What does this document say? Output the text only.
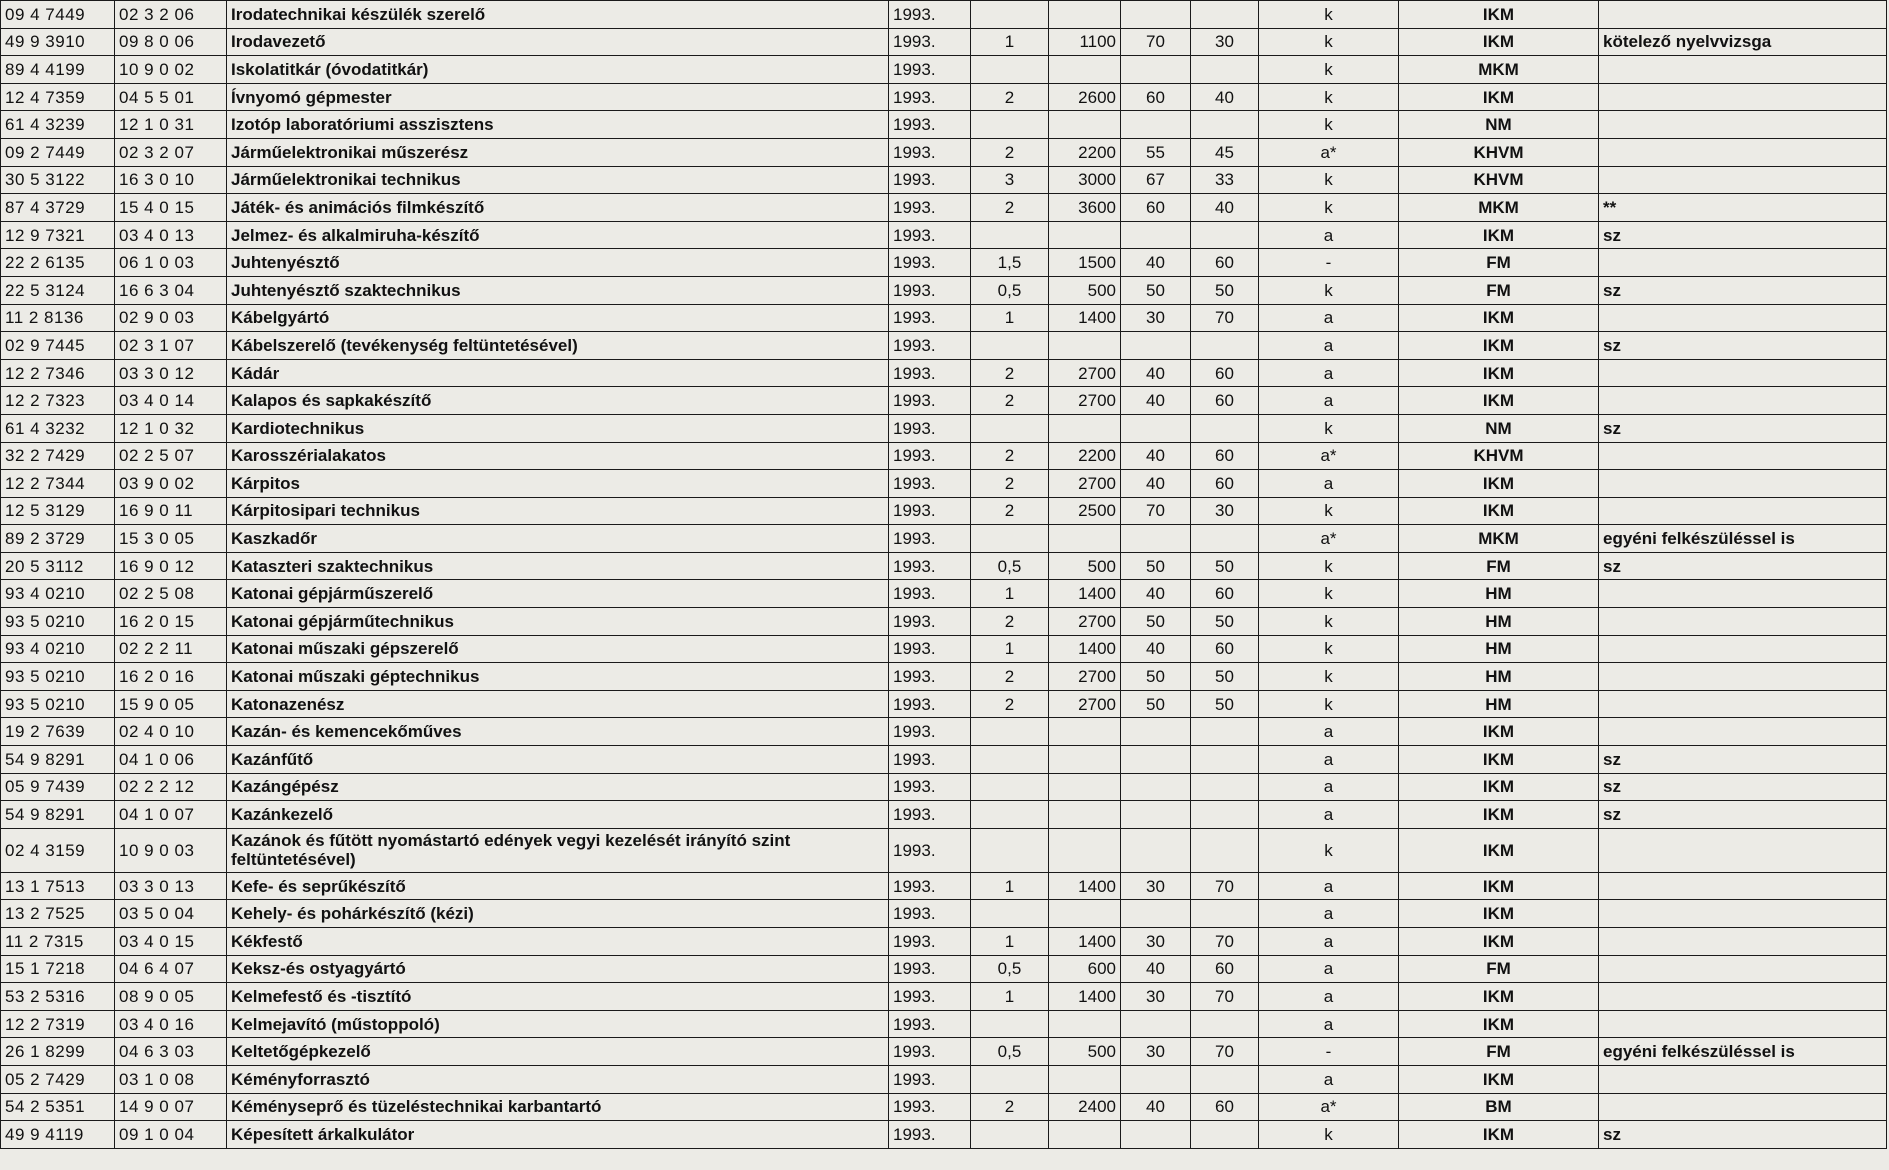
09 4 7449	02 3 2 06	Irodatechnikai készülék szerelő	1993.					k	IKM	
49 9 3910	09 8 0 06	Irodavezető	1993.	1	1100	70	30	k	IKM	kötelező nyelvvizsga
89 4 4199	10 9 0 02	Iskolatitkár (óvodatitkár)	1993.					k	MKM	
12 4 7359	04 5 5 01	Ívnyomó gépmester	1993.	2	2600	60	40	k	IKM	
61 4 3239	12 1 0 31	Izotóp laboratóriumi asszisztens	1993.					k	NM	
09 2 7449	02 3 2 07	Járműelektronikai műszerész	1993.	2	2200	55	45	a*	KHVM	
30 5 3122	16 3 0 10	Járműelektronikai technikus	1993.	3	3000	67	33	k	KHVM	
87 4 3729	15 4 0 15	Játék- és animációs filmkészítő	1993.	2	3600	60	40	k	MKM	**
12 9 7321	03 4 0 13	Jelmez- és alkalmiruha-készítő	1993.					a	IKM	sz
22 2 6135	06 1 0 03	Juhtenyésztő	1993.	1,5	1500	40	60	-	FM	
22 5 3124	16 6 3 04	Juhtenyésztő szaktechnikus	1993.	0,5	500	50	50	k	FM	sz
11 2 8136	02 9 0 03	Kábelgyártó	1993.	1	1400	30	70	a	IKM	
02 9 7445	02 3 1 07	Kábelszerelő (tevékenység feltüntetésével)	1993.					a	IKM	sz
12 2 7346	03 3 0 12	Kádár	1993.	2	2700	40	60	a	IKM	
12 2 7323	03 4 0 14	Kalapos és sapkakészítő	1993.	2	2700	40	60	a	IKM	
61 4 3232	12 1 0 32	Kardiotechnikus	1993.					k	NM	sz
32 2 7429	02 2 5 07	Karosszérialakatos	1993.	2	2200	40	60	a*	KHVM	
12 2 7344	03 9 0 02	Kárpitos	1993.	2	2700	40	60	a	IKM	
12 5 3129	16 9 0 11	Kárpitosipari technikus	1993.	2	2500	70	30	k	IKM	
89 2 3729	15 3 0 05	Kaszkadőr	1993.					a*	MKM	egyéni felkészüléssel is
20 5 3112	16 9 0 12	Kataszteri szaktechnikus	1993.	0,5	500	50	50	k	FM	sz
93 4 0210	02 2 5 08	Katonai gépjárműszerelő	1993.	1	1400	40	60	k	HM	
93 5 0210	16 2 0 15	Katonai gépjárműtechnikus	1993.	2	2700	50	50	k	HM	
93 4 0210	02 2 2 11	Katonai műszaki gépszerelő	1993.	1	1400	40	60	k	HM	
93 5 0210	16 2 0 16	Katonai műszaki géptechnikus	1993.	2	2700	50	50	k	HM	
93 5 0210	15 9 0 05	Katonazenész	1993.	2	2700	50	50	k	HM	
19 2 7639	02 4 0 10	Kazán- és kemencekőműves	1993.					a	IKM	
54 9 8291	04 1 0 06	Kazánfűtő	1993.					a	IKM	sz
05 9 7439	02 2 2 12	Kazángépész	1993.					a	IKM	sz
54 9 8291	04 1 0 07	Kazánkezelő	1993.					a	IKM	sz
02 4 3159	10 9 0 03	Kazánok és fűtött nyomástartó edények vegyi kezelését irányító szint feltüntetésével)	1993.					k	IKM	
13 1 7513	03 3 0 13	Kefe- és seprűkészítő	1993.	1	1400	30	70	a	IKM	
13 2 7525	03 5 0 04	Kehely- és pohárkészítő (kézi)	1993.					a	IKM	
11 2 7315	03 4 0 15	Kékfestő	1993.	1	1400	30	70	a	IKM	
15 1 7218	04 6 4 07	Keksz-és ostyagyártó	1993.	0,5	600	40	60	a	FM	
53 2 5316	08 9 0 05	Kelmefestő és -tisztító	1993.	1	1400	30	70	a	IKM	
12 2 7319	03 4 0 16	Kelmejavító (műstoppoló)	1993.					a	IKM	
26 1 8299	04 6 3 03	Keltetőgépkezelő	1993.	0,5	500	30	70	-	FM	egyéni felkészüléssel is
05 2 7429	03 1 0 08	Kéményforrasztó	1993.					a	IKM	
54 2 5351	14 9 0 07	Kéményseprő és tüzeléstechnikai karbantartó	1993.	2	2400	40	60	a*	BM	
49 9 4119	09 1 0 04	Képesített árkalkulátor	1993.					k	IKM	sz
